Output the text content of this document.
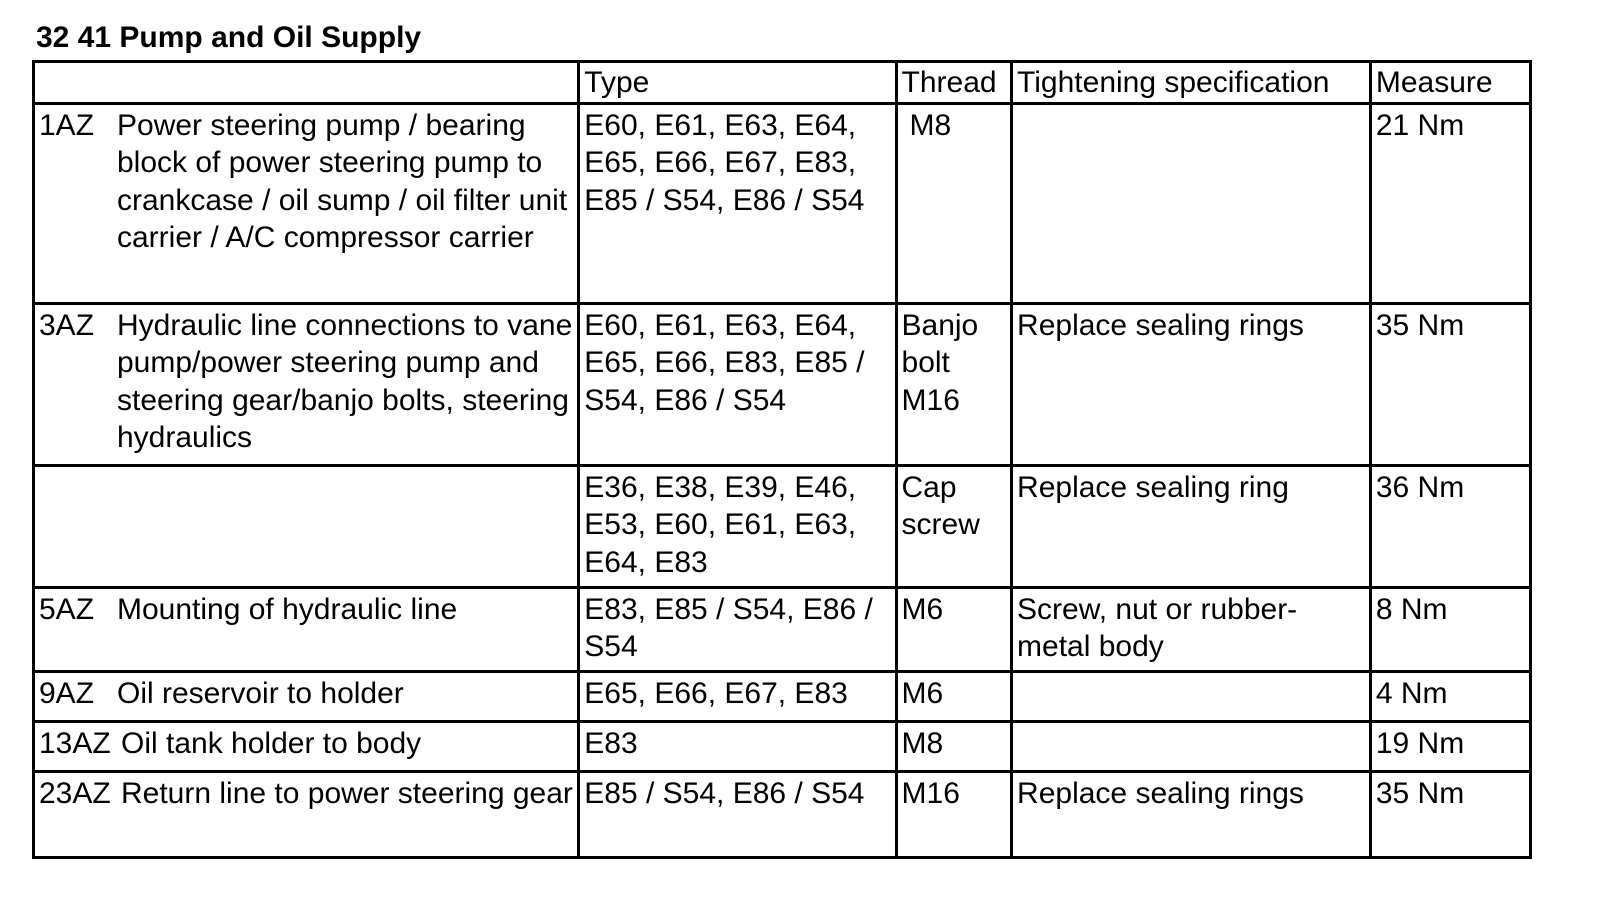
32 41 Pump and Oil Supply
	Type	Thread	Tightening specification	Measure

1AZ Power steering pump / bearing block of power steering pump to crankcase / oil sump / oil filter unit carrier / A/C compressor carrier	E60, E61, E63, E64, E65, E66, E67, E83, E85 / S54, E86 / S54	M8		21 Nm

3AZ Hydraulic line connections to vane pump/power steering pump and steering gear/banjo bolts, steering hydraulics	E60, E61, E63, E64, E65, E66, E83, E85 / S54, E86 / S54	Banjo bolt M16	Replace sealing rings	35 Nm

	E36, E38, E39, E46, E53, E60, E61, E63, E64, E83	Cap screw	Replace sealing ring	36 Nm

5AZ Mounting of hydraulic line	E83, E85 / S54, E86 / S54	M6	Screw, nut or rubber-metal body	8 Nm

9AZ Oil reservoir to holder	E65, E66, E67, E83	M6		4 Nm

13AZ Oil tank holder to body	E83	M8		19 Nm

23AZ Return line to power steering gear	E85 / S54, E86 / S54	M16	Replace sealing rings	35 Nm
